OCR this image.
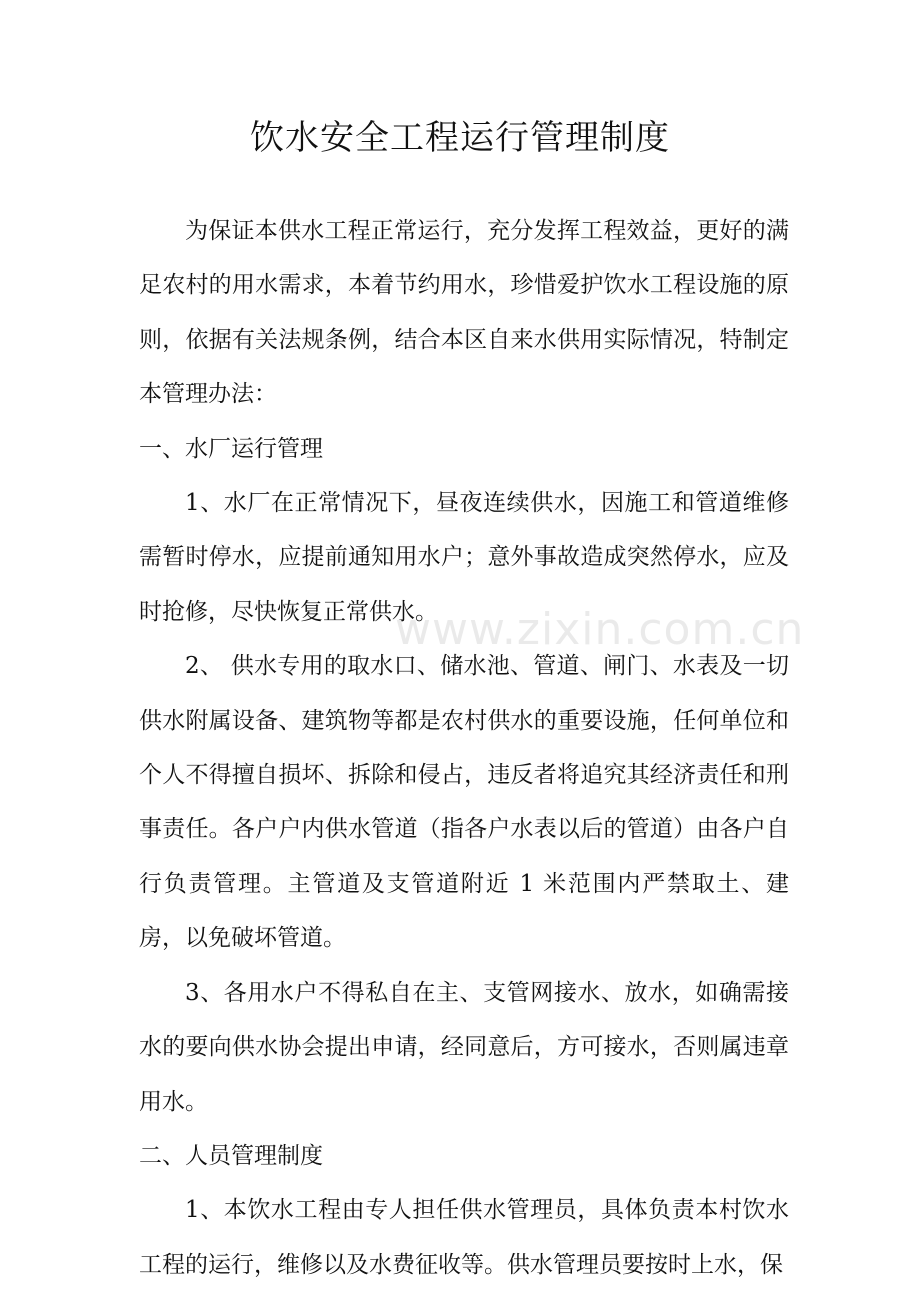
饮水安全工程运行管理制度

为保证本供水工程正常运行，充分发挥工程效益，更好的满足农村的用水需求，本着节约用水，珍惜爱护饮水工程设施的原则，依据有关法规条例，结合本区自来水供用实际情况，特制定本管理办法：

一、水厂运行管理

1、水厂在正常情况下，昼夜连续供水，因施工和管道维修需暂时停水，应提前通知用水户；意外事故造成突然停水，应及时抢修，尽快恢复正常供水。

2、 供水专用的取水口、储水池、管道、闸门、水表及一切供水附属设备、建筑物等都是农村供水的重要设施，任何单位和个人不得擅自损坏、拆除和侵占，违反者将追究其经济责任和刑事责任。各户户内供水管道（指各户水表以后的管道）由各户自行负责管理。主管道及支管道附近 1 米范围内严禁取土、建房，以免破坏管道。

3、各用水户不得私自在主、支管网接水、放水，如确需接水的要向供水协会提出申请，经同意后，方可接水，否则属违章用水。

二、人员管理制度

1、本饮水工程由专人担任供水管理员，具体负责本村饮水工程的运行，维修以及水费征收等。供水管理员要按时上水，保

www.zixin.com.cn
